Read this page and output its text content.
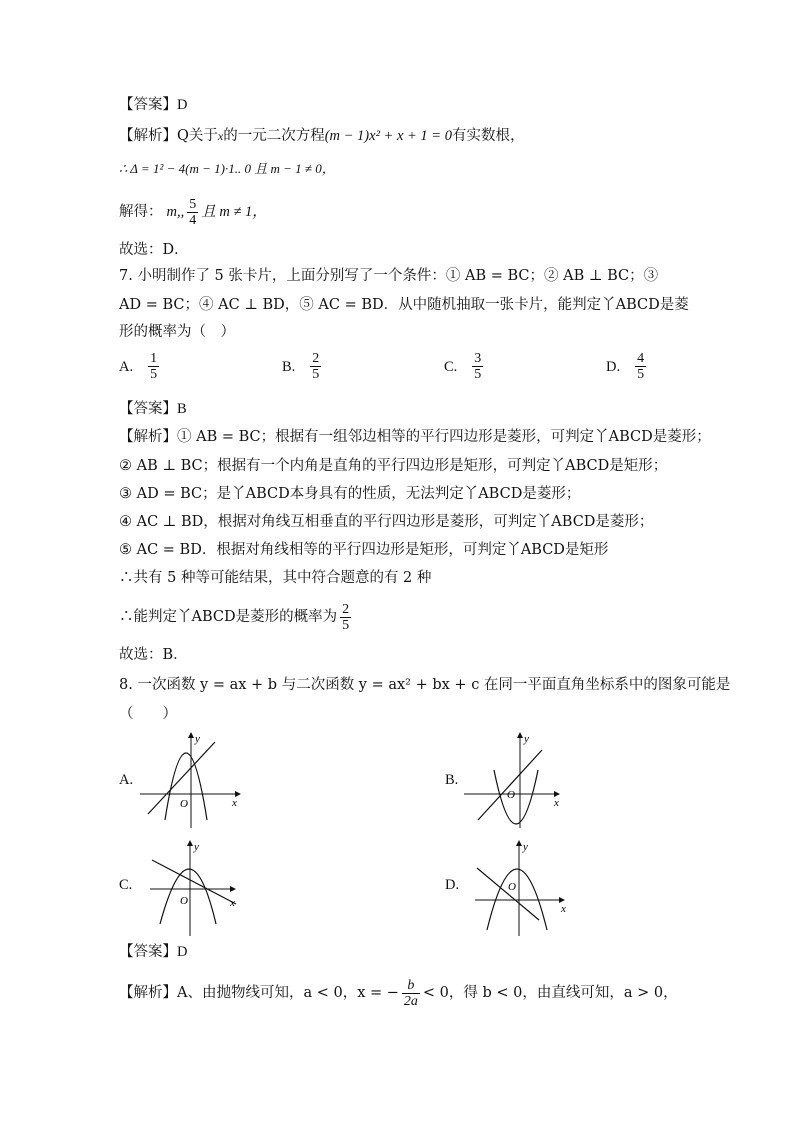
【答案】D
【解析】Q关于x的一元二次方程(m − 1)x² + x + 1 = 0有实数根，
∴ Δ = 1² − 4(m − 1)·1.. 0 且 m − 1 ≠ 0，
解得： m,, $\frac{5}{4}$ 且 m ≠ 1，
故选：D．
7. 小明制作了 5 张卡片，上面分别写了一个条件：① AB = BC；② AB ⊥ BC；③
AD = BC；④ AC ⊥ BD，⑤ AC = BD．从中随机抽取一张卡片，能判定丫ABCD是菱
形的概率为（　）
A. $\frac{1}{5}$	B. $\frac{2}{5}$	C. $\frac{3}{5}$	D. $\frac{4}{5}$
【答案】B
【解析】① AB = BC；根据有一组邻边相等的平行四边形是菱形，可判定丫ABCD是菱形；
② AB ⊥ BC；根据有一个内角是直角的平行四边形是矩形，可判定丫ABCD是矩形；
③ AD = BC；是丫ABCD本身具有的性质，无法判定丫ABCD是菱形；
④ AC ⊥ BD，根据对角线互相垂直的平行四边形是菱形，可判定丫ABCD是菱形；
⑤ AC = BD．根据对角线相等的平行四边形是矩形，可判定丫ABCD是矩形
∴共有 5 种等可能结果，其中符合题意的有 2 种
∴能判定丫ABCD是菱形的概率为 $\frac{2}{5}$
故选：B．
8. 一次函数 y = ax + b 与二次函数 y = ax² + bx + c 在同一平面直角坐标系中的图象可能是
（　　）
A.	B.
C.	D.
y
x
O
y
x
O
y
x
O
y
x
O
【答案】D
【解析】A、由抛物线可知，a < 0，x = − $\frac{b}{2a} < 0$，得 b < 0，由直线可知，a > 0，
